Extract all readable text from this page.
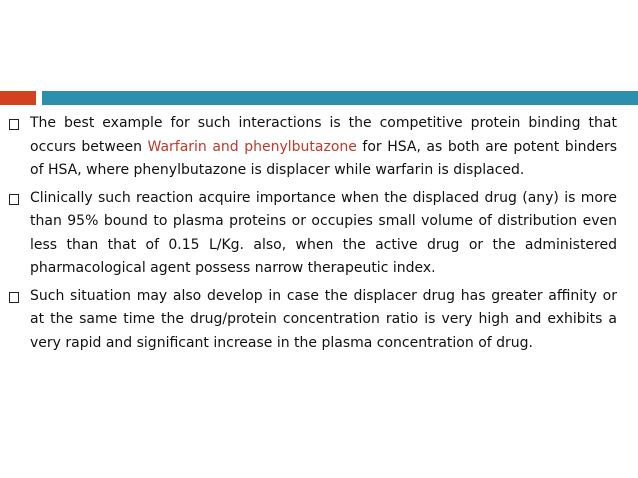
The best example for such interactions is the competitive protein binding that occurs between Warfarin and phenylbutazone for HSA, as both are potent binders of HSA, where phenylbutazone is displacer while warfarin is displaced.
Clinically such reaction acquire importance when the displaced drug (any) is more than 95% bound to plasma proteins or occupies small volume of distribution even less than that of 0.15 L/Kg. also, when the active drug or the administered pharmacological agent possess narrow therapeutic index.
Such situation may also develop in case the displacer drug has greater affinity or at the same time the drug/protein concentration ratio is very high and exhibits a very rapid and significant increase in the plasma concentration of drug.
